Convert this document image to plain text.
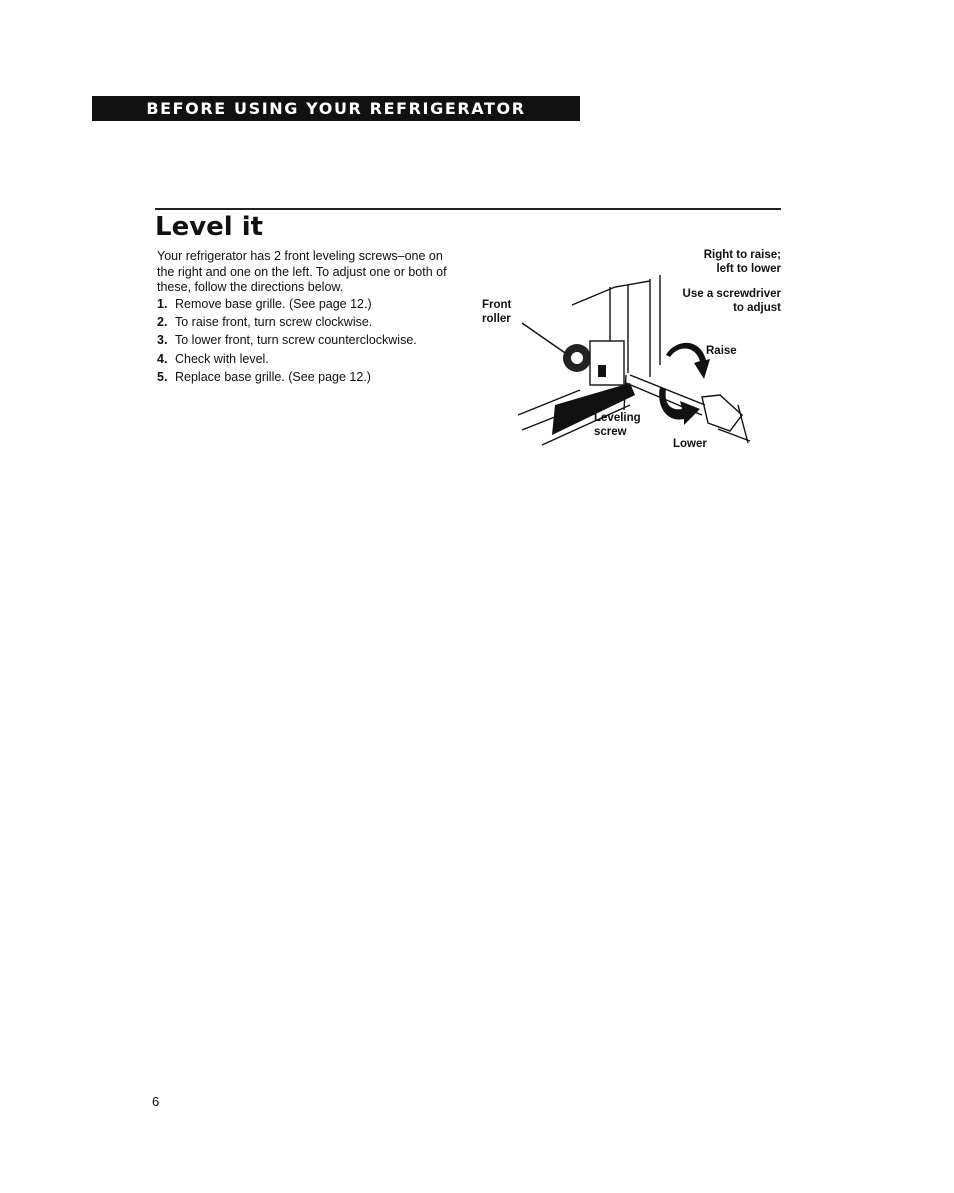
BEFORE USING YOUR REFRIGERATOR
Level it

Your refrigerator has 2 front leveling screws–one on the right and one on the left. To adjust one or both of these, follow the directions below.

1. Remove base grille. (See page 12.)
2. To raise front, turn screw clockwise.
3. To lower front, turn screw counterclockwise.
4. Check with level.
5. Replace base grille. (See page 12.)

Right to raise;
left to lower

Use a screwdriver
to adjust

Front
roller

Raise

Leveling
screw

Lower

6
